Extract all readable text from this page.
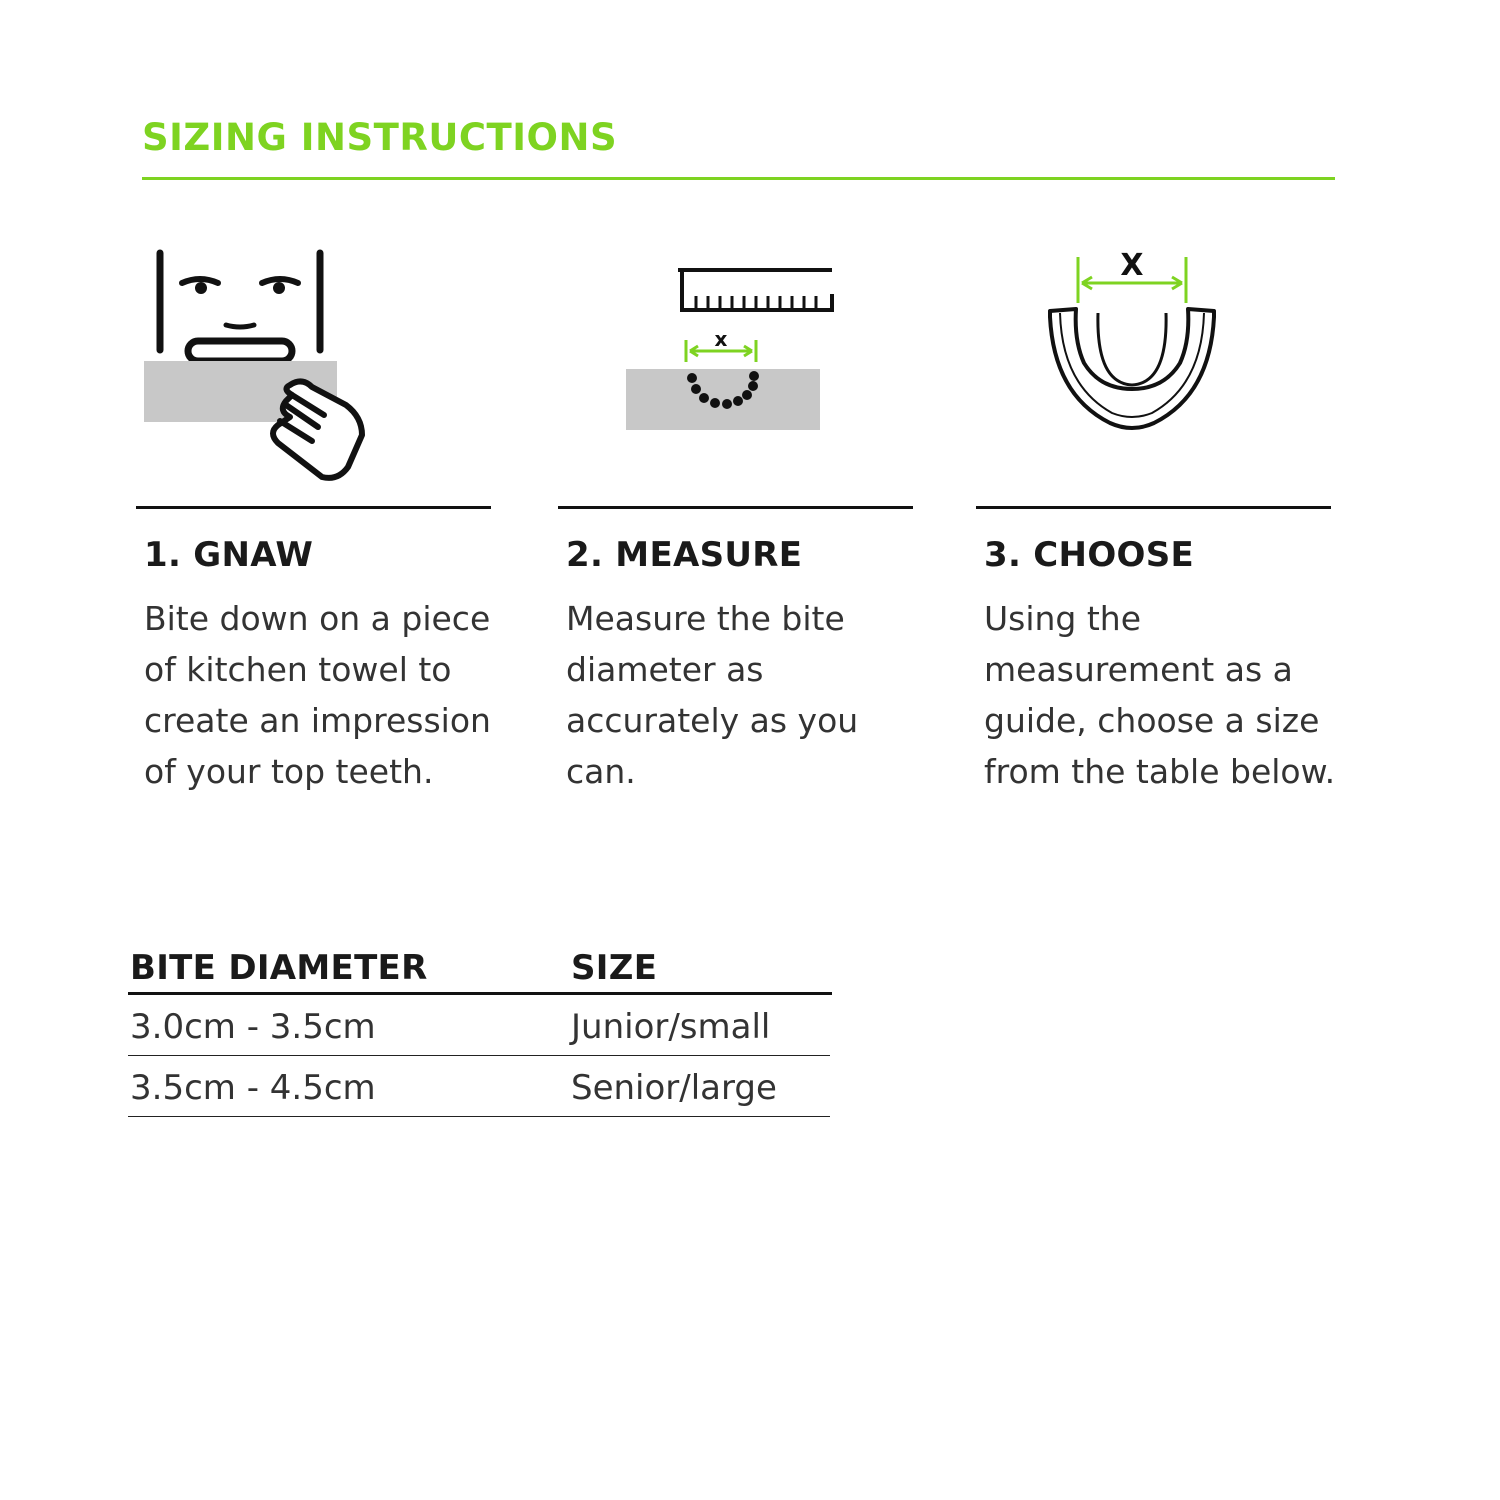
SIZING INSTRUCTIONS
x
X
1. GNAW
Bite down on a piece of kitchen towel to create an impression of your top teeth.
2. MEASURE
Measure the bite diameter as accurately as you can.
3. CHOOSE
Using the measurement as a guide, choose a size from the table below.
BITE DIAMETER	SIZE
3.0cm - 3.5cm	Junior/small
3.5cm - 4.5cm	Senior/large
